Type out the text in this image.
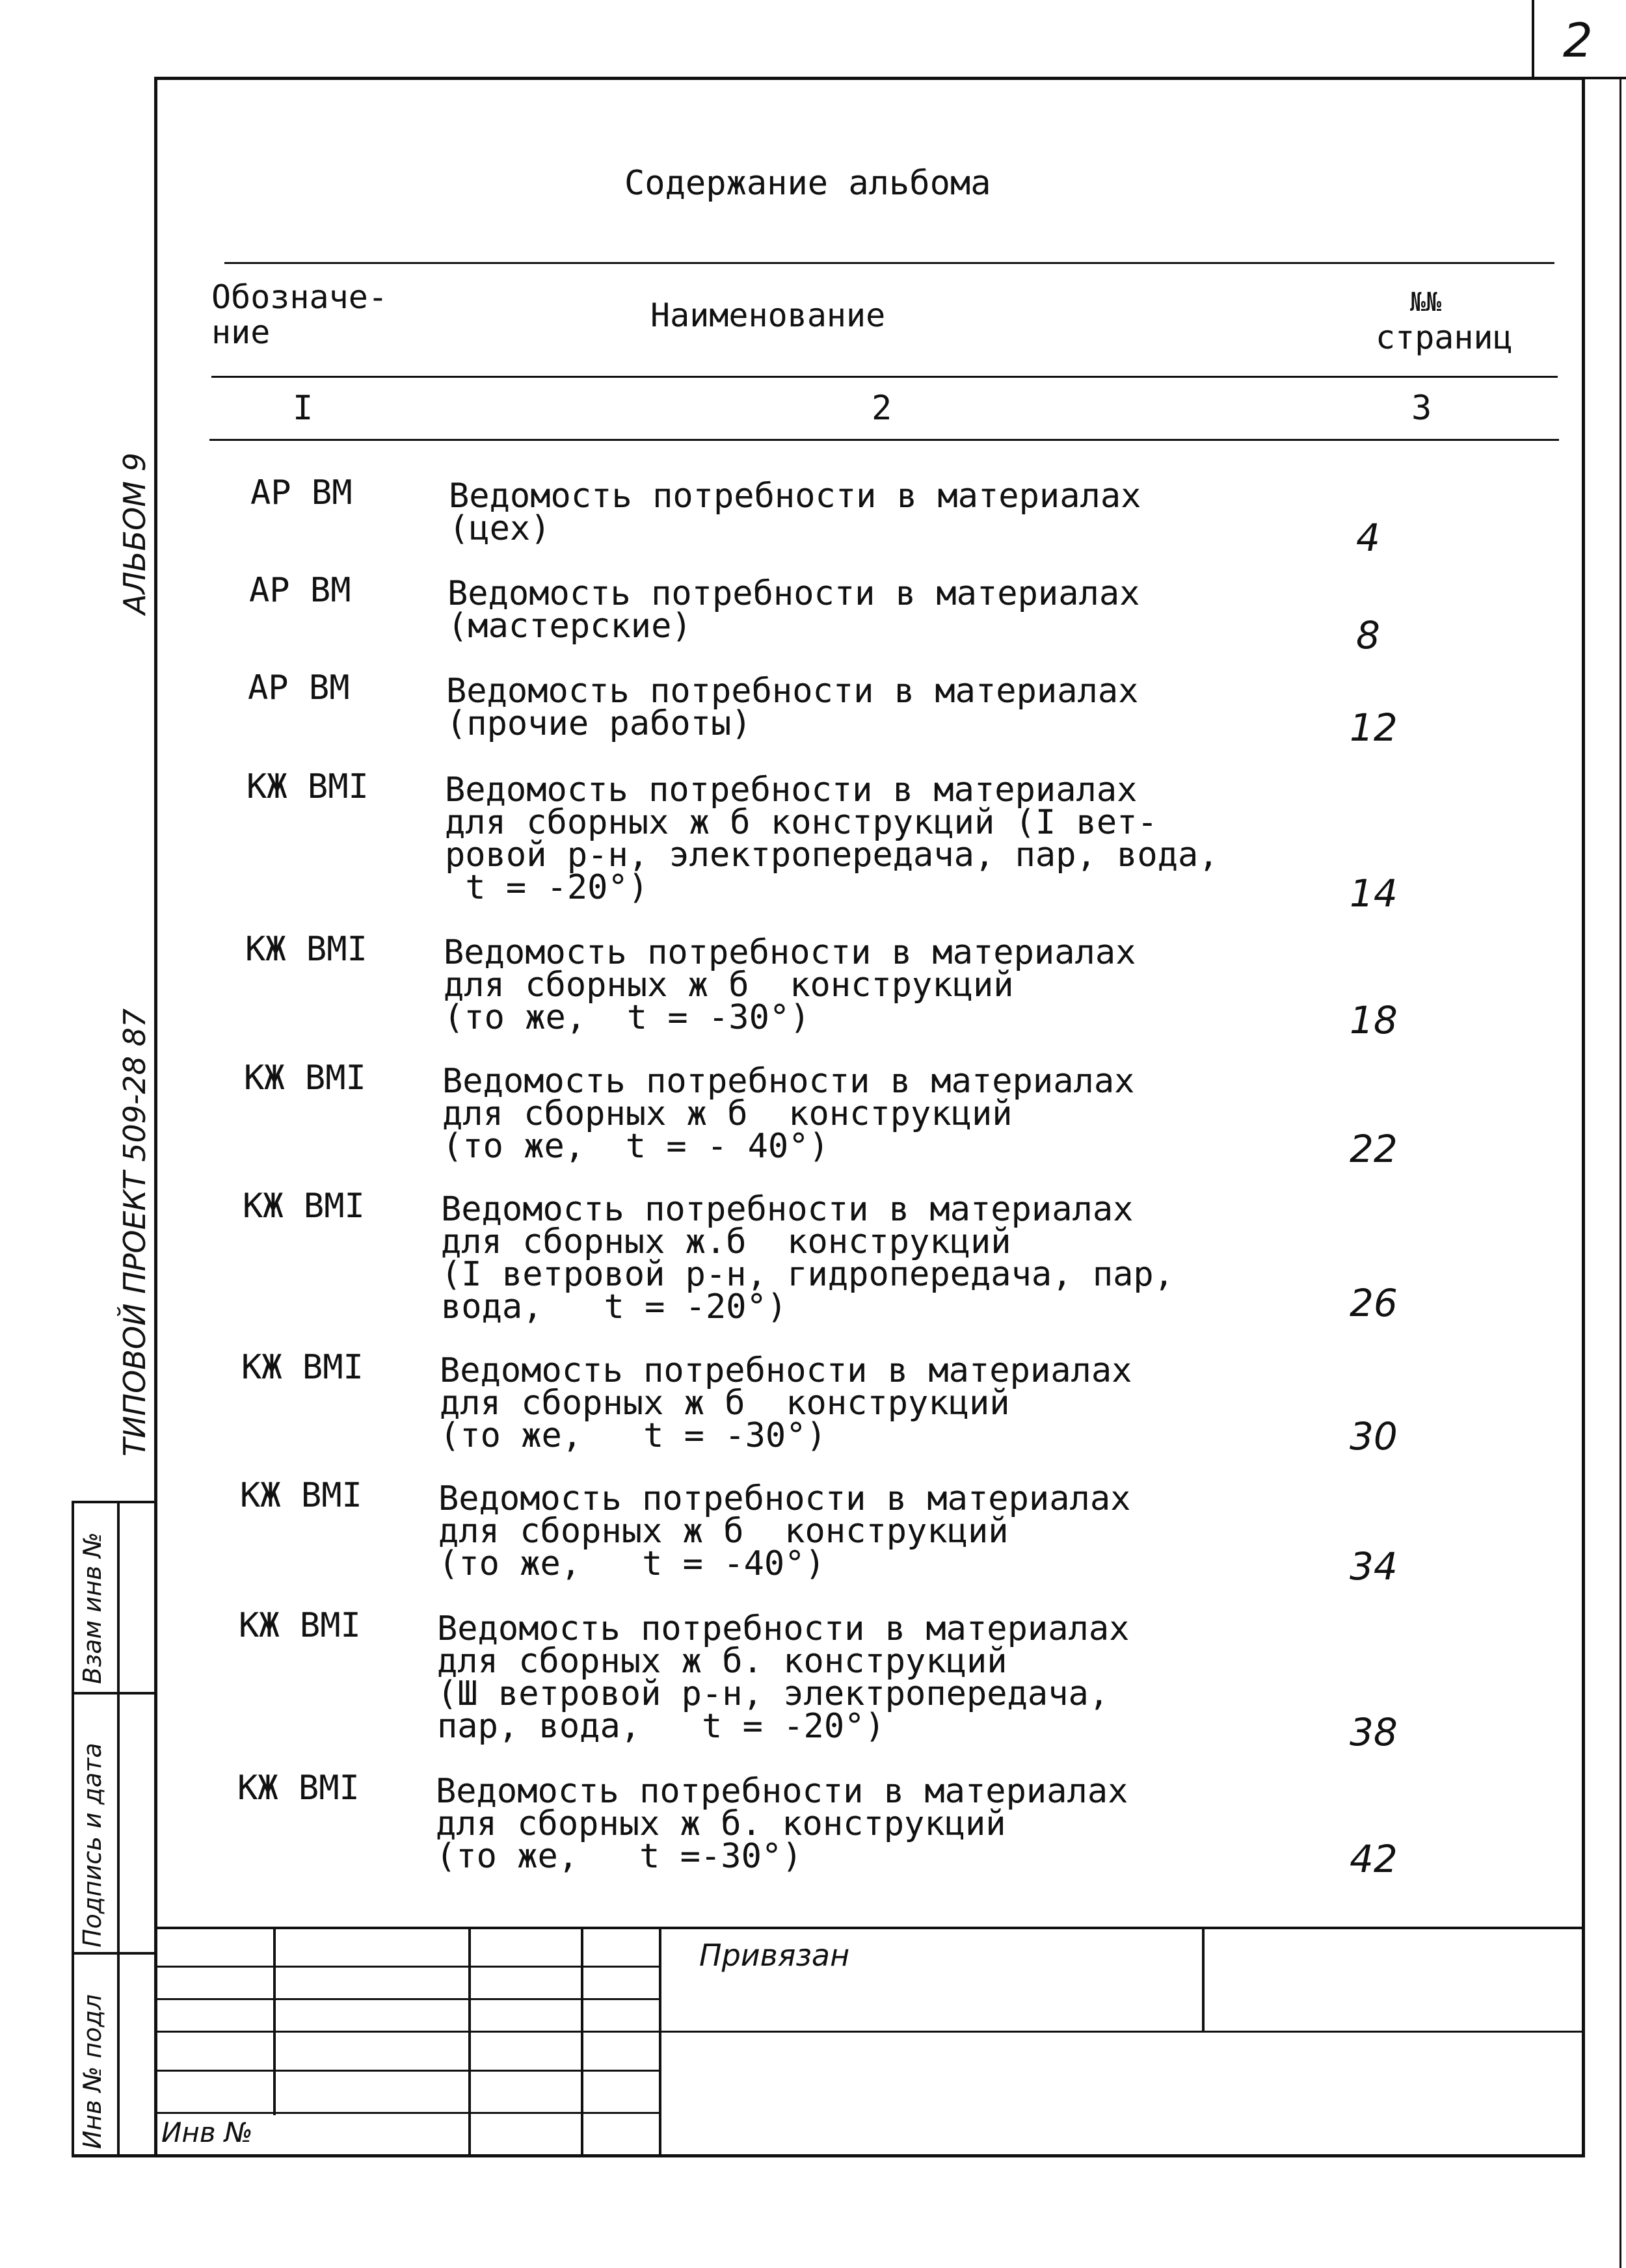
2
Содержание альбома
Обозначе-
ние	Наименование	№№
страниц
I	2	3
АР ВМ	Ведомость потребности в материалах
(цех)	4
АР ВМ	Ведомость потребности в материалах
(мастерские)	8
АР ВМ	Ведомость потребности в материалах
(прочие работы)	12
КЖ ВМI Ведомость потребности в материалах
для сборных ж б конструкций (I вет-
ровой р-н, электропередача, пар, вода,
t = -20°)	14
КЖ ВМI Ведомость потребности в материалах
для сборных ж б  конструкций
(то же,  t = -30°)	18
КЖ ВМI Ведомость потребности в материалах
для сборных ж б  конструкций
(то же,  t = - 40°)	22
КЖ ВМI Ведомость потребности в материалах
для сборных ж.б  конструкций
(I ветровой р-н, гидропередача, пар,
вода,   t = -20°)	26
КЖ ВМI Ведомость потребности в материалах
для сборных ж б  конструкций
(то же,   t = -30°)	30
КЖ ВМI Ведомость потребности в материалах
для сборных ж б  конструкций
(то же,   t = -40°)	34
КЖ ВМI Ведомость потребности в материалах
для сборных ж б. конструкций
(Ш ветровой р-н, электропередача,
пар, вода,   t = -20°)	38
КЖ ВМI Ведомость потребности в материалах
для сборных ж б. конструкций
(то же,   t =-30°)	42
АЛЬБОМ 9
ТИПОВОЙ ПРОЕКТ 509-28 87
Взам инв №
Подпись и дата
Инв № подл
Привязан
Инв №
